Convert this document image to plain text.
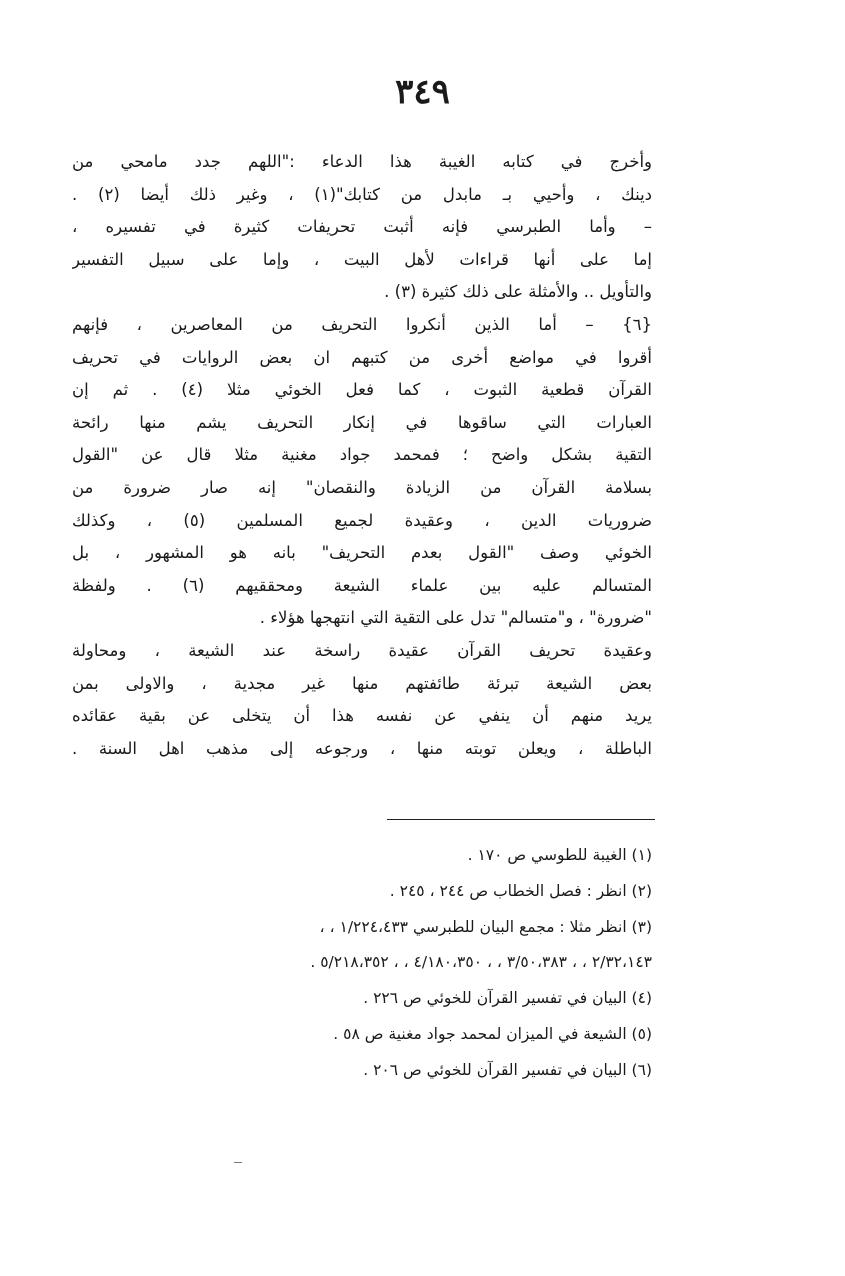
٣٤٩
وأخرج في كتابه الغيبة هذا الدعاء :"اللهم جدد مامحي من
دينك ، وأحيي بـ مابدل من كتابك"(١) ، وغير ذلك أيضا (٢) .
– وأما الطبرسي فإنه أثبت تحريفات كثيرة في تفسيره ،
إما على أنها قراءات لأهل البيت ، وإما على سبيل التفسير
والتأويل .. والأمثلة على ذلك كثيرة (٣) .
{٦} – أما الذين أنكروا التحريف من المعاصرين ، فإنهم
أقروا في مواضع أخرى من كتبهم ان بعض الروايات في تحريف
القرآن قطعية الثبوت ، كما فعل الخوئي مثلا (٤) . ثم إن
العبارات التي ساقوها في إنكار التحريف يشم منها رائحة
التقية بشكل واضح ؛ فمحمد جواد مغنية مثلا قال عن "القول
بسلامة القرآن من الزيادة والنقصان" إنه صار ضرورة من
ضروريات الدين ، وعقيدة لجميع المسلمين (٥) ، وكذلك
الخوئي وصف "القول بعدم التحريف" بانه هو المشهور ، بل
المتسالم عليه بين علماء الشيعة ومحققيهم (٦) . ولفظة
"ضرورة" ، و"متسالم" تدل على التقية التي انتهجها هؤلاء .
وعقيدة تحريف القرآن عقيدة راسخة عند الشيعة ، ومحاولة
بعض الشيعة تبرئة طائفتهم منها غير مجدية ، والاولى بمن
يريد منهم أن ينفي عن نفسه هذا أن يتخلى عن بقية عقائده
الباطلة ، ويعلن توبته منها ، ورجوعه إلى مذهب اهل السنة .
(١) الغيبة للطوسي ص ١٧٠ .
(٢) انظر : فصل الخطاب ص ٢٤٤ ، ٢٤٥ .
(٣) انظر مثلا : مجمع البيان للطبرسي ١/٢٢٤،٤٣٣ ، ،
٢/٣٢،١٤٣ ، ، ٣/٥٠،٣٨٣ ، ، ٤/١٨٠،٣٥٠ ، ، ٥/٢١٨،٣٥٢ .
(٤) البيان في تفسير القرآن للخوئي ص ٢٢٦ .
(٥) الشيعة في الميزان لمحمد جواد مغنية ص ٥٨ .
(٦) البيان في تفسير القرآن للخوئي ص ٢٠٦ .
